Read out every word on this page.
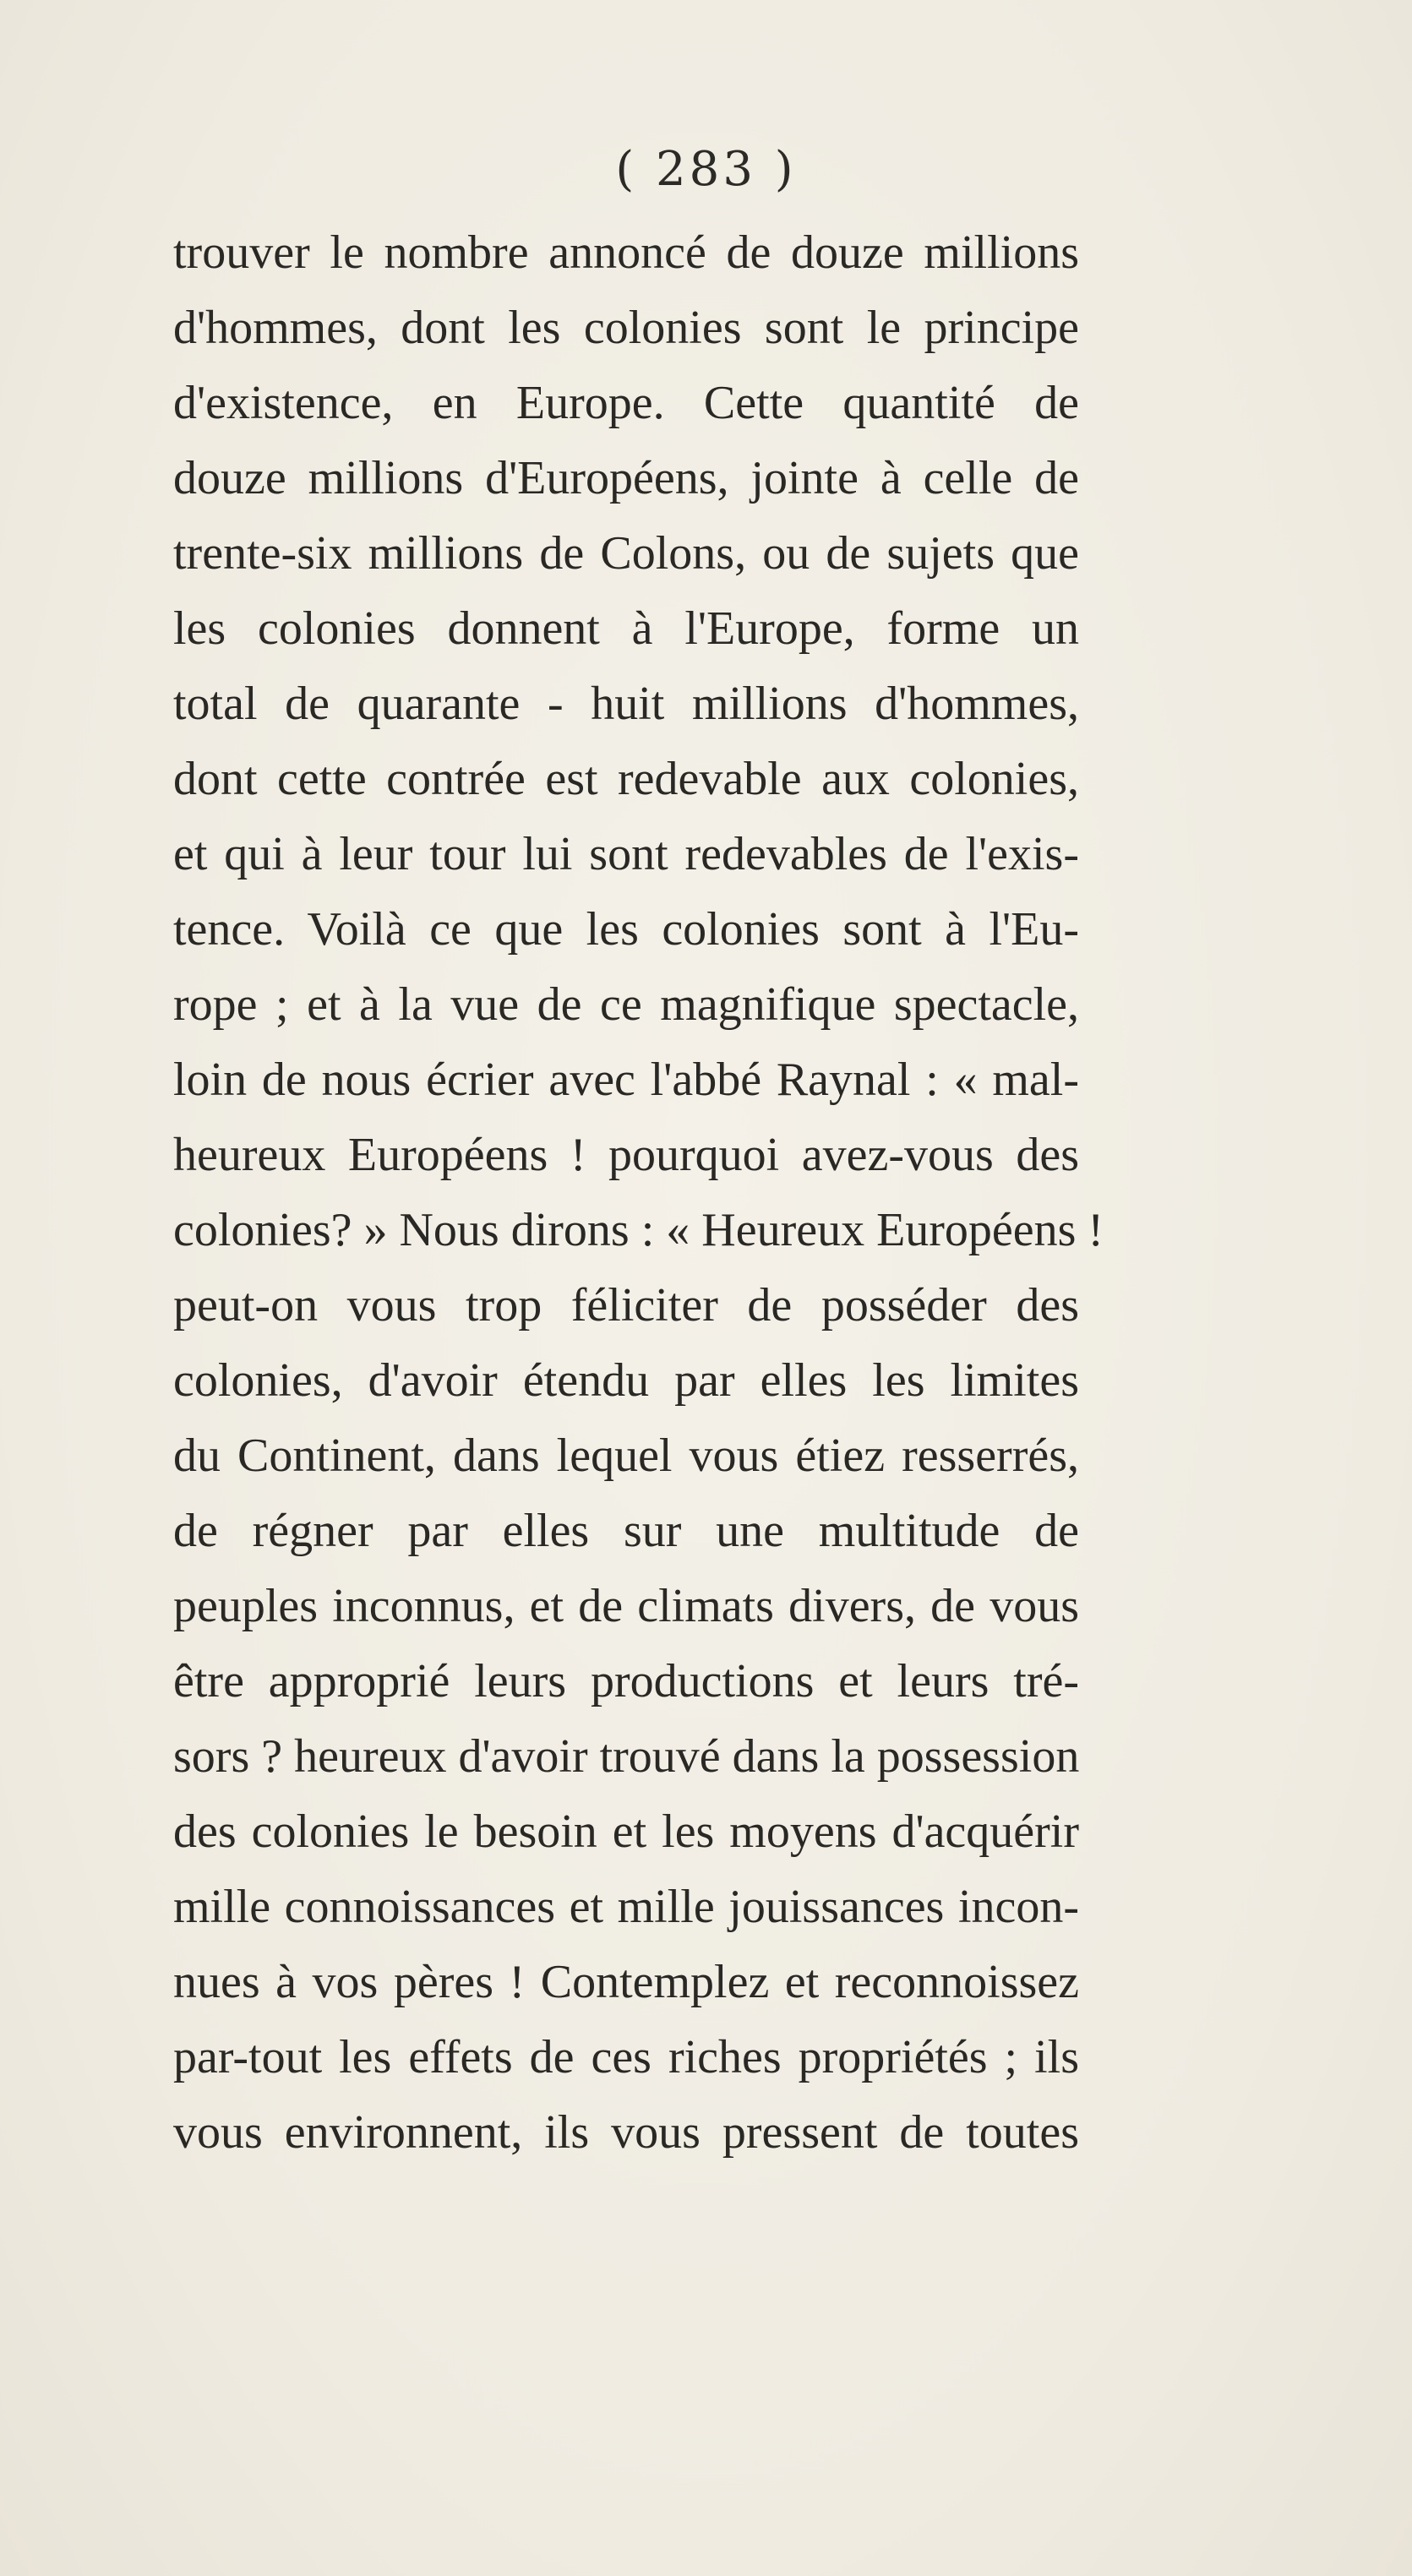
( 283 )
trouver le nombre annoncé de douze millions
d'hommes, dont les colonies sont le principe
d'existence, en Europe. Cette quantité de
douze millions d'Européens, jointe à celle de
trente-six millions de Colons, ou de sujets que
les colonies donnent à l'Europe, forme un
total de quarante - huit millions d'hommes,
dont cette contrée est redevable aux colonies,
et qui à leur tour lui sont redevables de l'exis-
tence. Voilà ce que les colonies sont à l'Eu-
rope ; et à la vue de ce magnifique spectacle,
loin de nous écrier avec l'abbé Raynal : « mal-
heureux Européens ! pourquoi avez-vous des
colonies? » Nous dirons : « Heureux Européens !
peut-on vous trop féliciter de posséder des
colonies, d'avoir étendu par elles les limites
du Continent, dans lequel vous étiez resserrés,
de régner par elles sur une multitude de
peuples inconnus, et de climats divers, de vous
être approprié leurs productions et leurs tré-
sors ? heureux d'avoir trouvé dans la possession
des colonies le besoin et les moyens d'acquérir
mille connoissances et mille jouissances incon-
nues à vos pères ! Contemplez et reconnoissez
par-tout les effets de ces riches propriétés ; ils
vous environnent, ils vous pressent de toutes
